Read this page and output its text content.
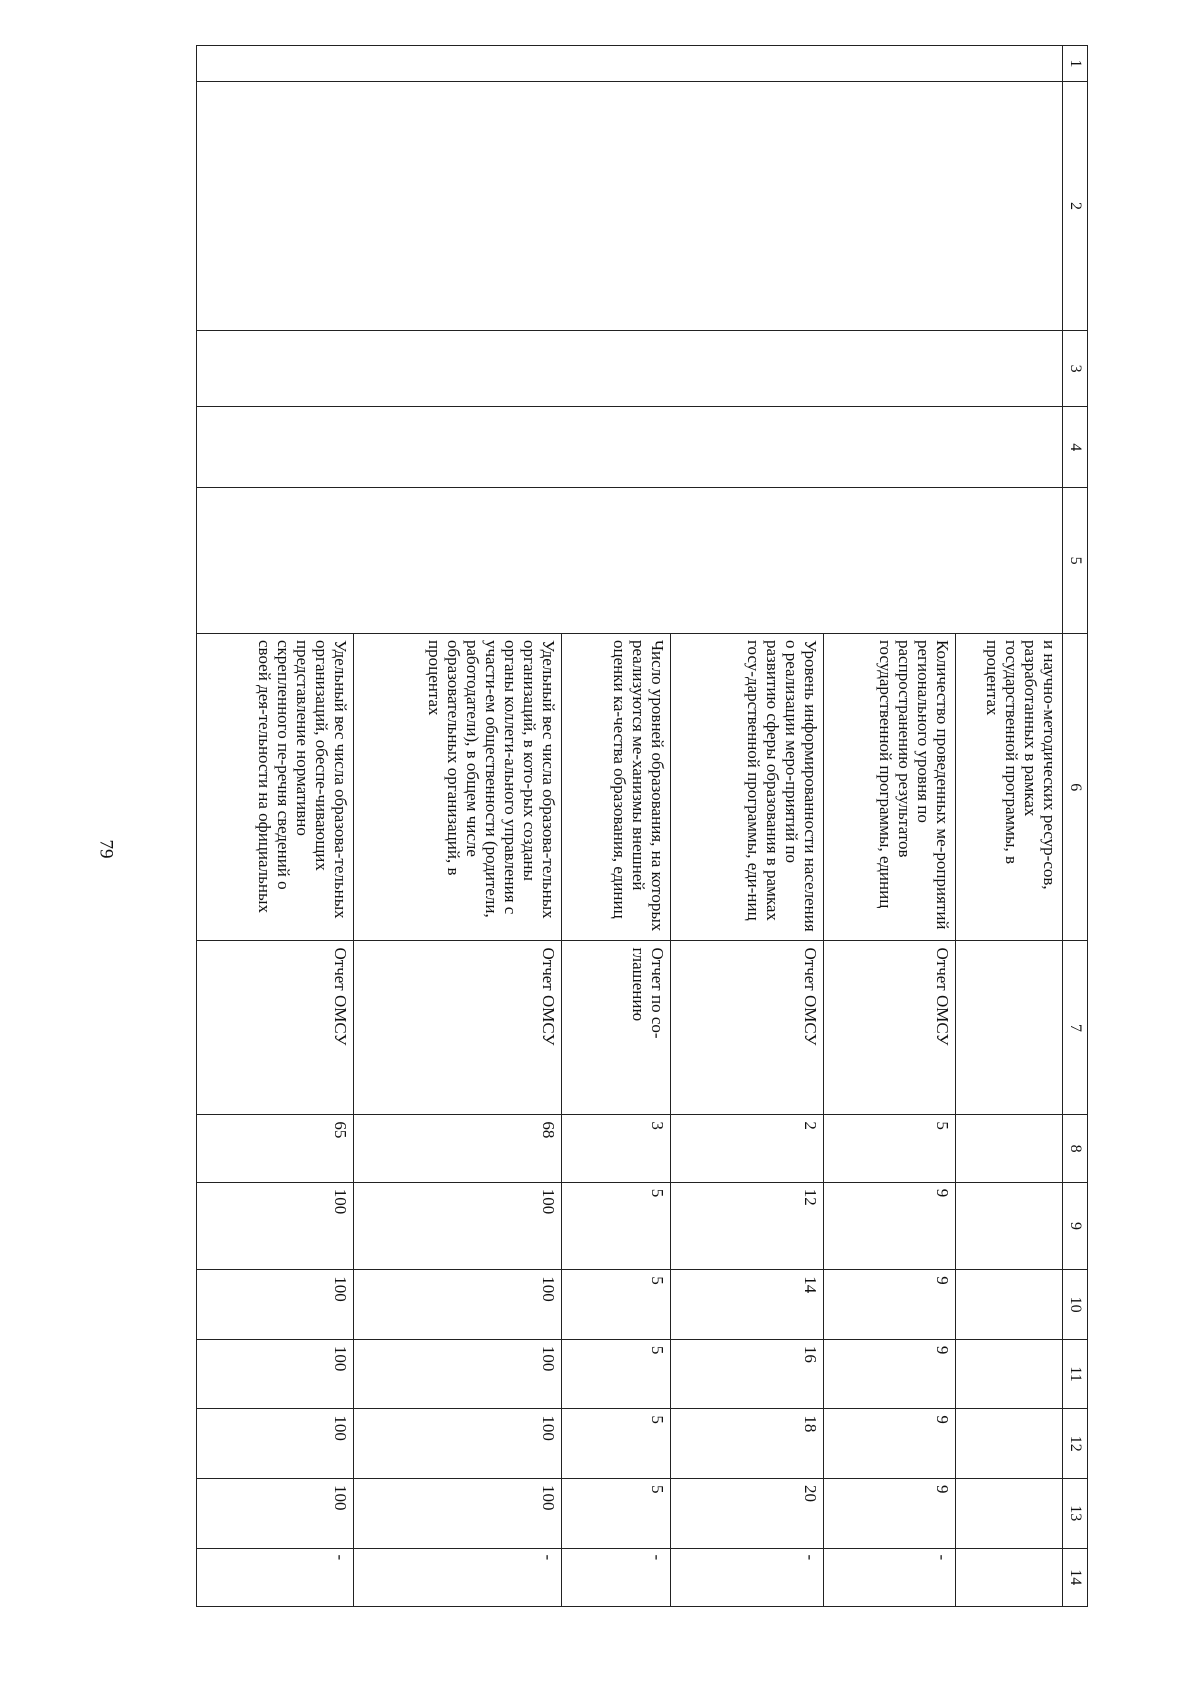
79
1	2	3	4	5	6	7	8	9	10	11	12	13	14
					и научно-методических ресур-сов, разработанных в рамках государственной программы, в процентах								
					Количество проведенных ме-роприятий регионального уровня по распространению результатов государственной программы, единиц	Отчет ОМСУ	5	9	9	9	9	9	-
					Уровень информированности населения о реализации меро-приятий по развитию сферы образования в рамках госу-дарственной программы, еди-ниц	Отчет ОМСУ	2	12	14	16	18	20	-
					Число уровней образования, на которых реализуются ме-ханизмы внешней оценки ка-чества образования, единиц	Отчет по со-глашению	3	5	5	5	5	5	-
					Удельный вес числа образова-тельных организаций, в кото-рых созданы органы коллеги-ального управления с участи-ем общественности (родители, работодатели), в общем числе образовательных организаций, в процентах	Отчет ОМСУ	68	100	100	100	100	100	-
					Удельный вес числа образова-тельных организаций, обеспе-чивающих представление нормативно скрепленного пе-речня сведений о своей дея-тельности на официальных	Отчет ОМСУ	65	100	100	100	100	100	-
